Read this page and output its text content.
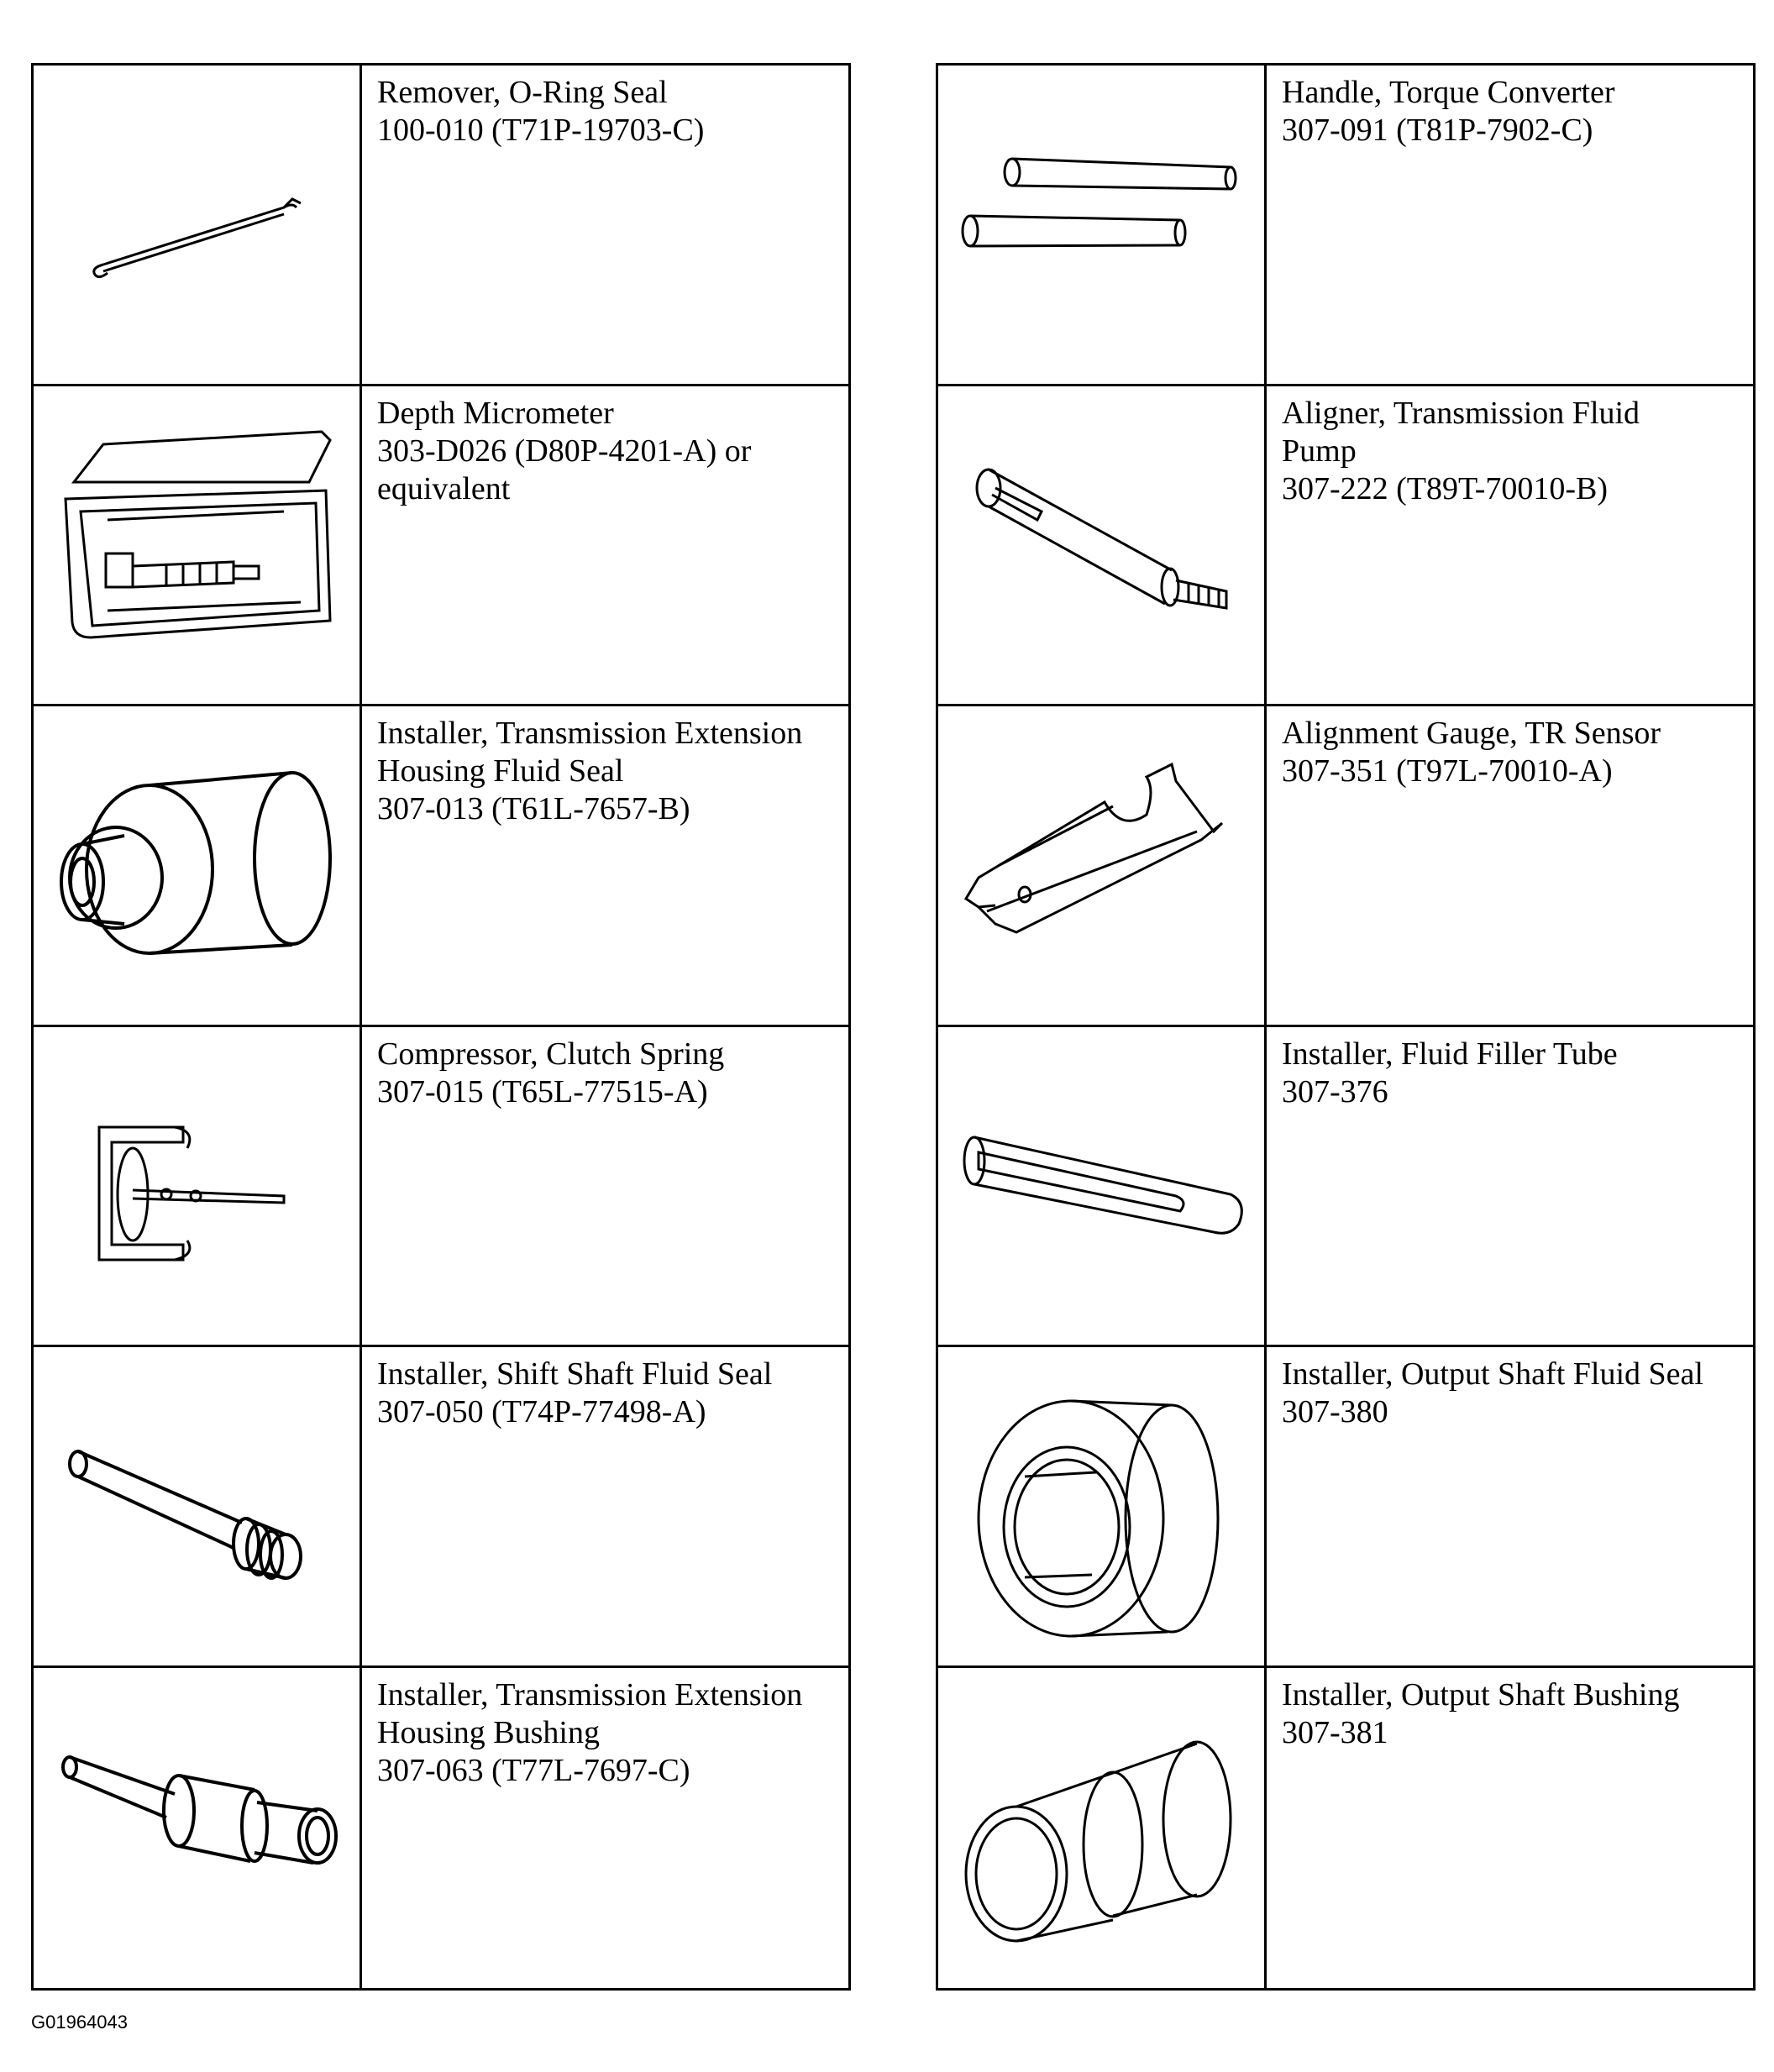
Remover, O-Ring Seal
100-010 (T71P-19703-C)
Depth Micrometer
303-D026 (D80P-4201-A) or
equivalent
Installer, Transmission Extension
Housing Fluid Seal
307-013 (T61L-7657-B)
Compressor, Clutch Spring
307-015 (T65L-77515-A)
Installer, Shift Shaft Fluid Seal
307-050 (T74P-77498-A)
Installer, Transmission Extension
Housing Bushing
307-063 (T77L-7697-C)
Handle, Torque Converter
307-091 (T81P-7902-C)
Aligner, Transmission Fluid
Pump
307-222 (T89T-70010-B)
Alignment Gauge, TR Sensor
307-351 (T97L-70010-A)
Installer, Fluid Filler Tube
307-376
Installer, Output Shaft Fluid Seal
307-380
Installer, Output Shaft Bushing
307-381
G01964043
